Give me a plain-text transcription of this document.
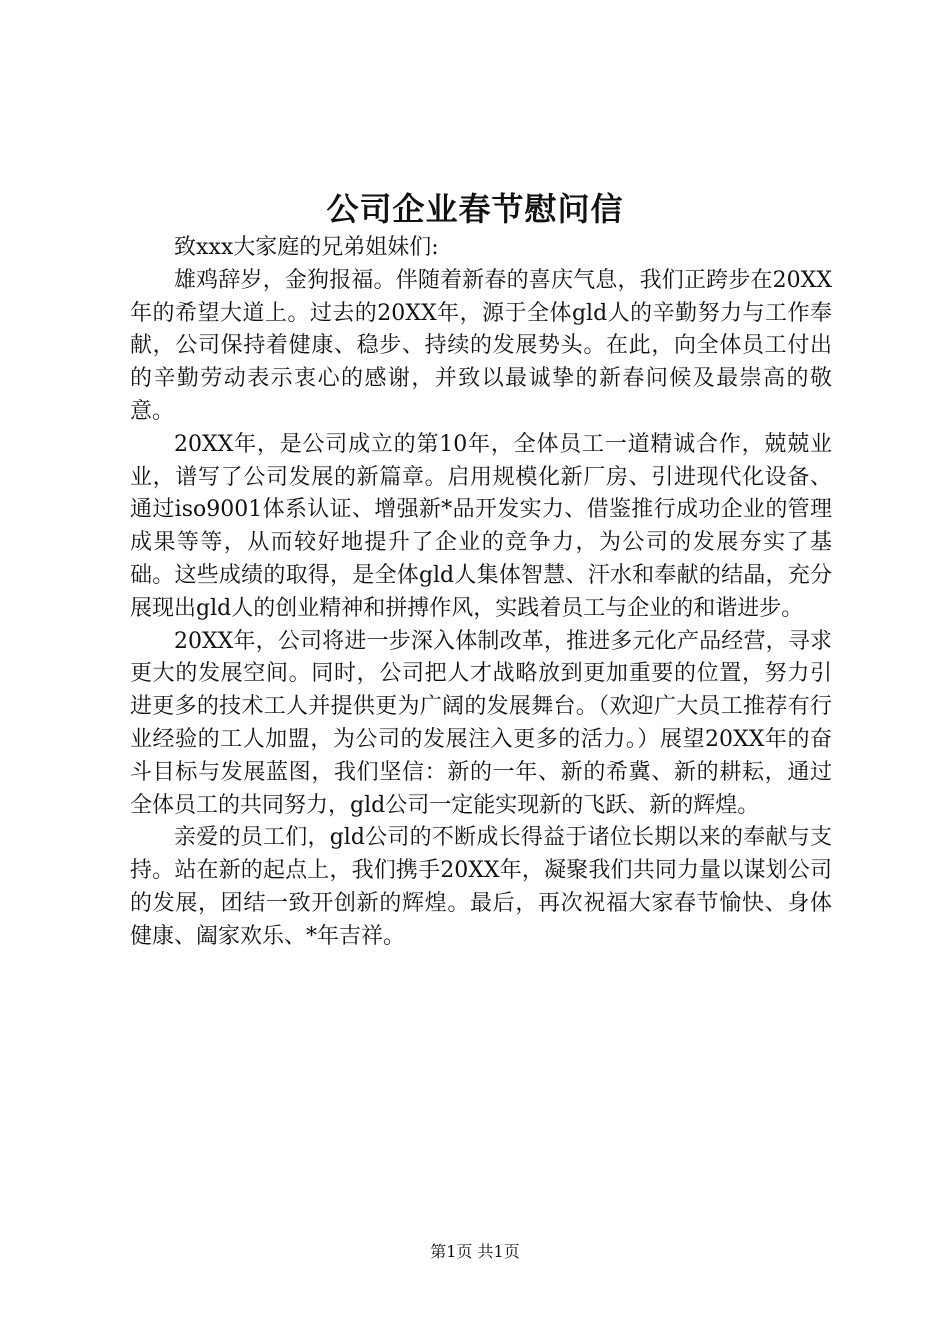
公司企业春节慰问信

致xxx大家庭的兄弟姐妹们:

雄鸡辞岁，金狗报福。伴随着新春的喜庆气息，我们正跨步在20XX年的希望大道上。过去的20XX年，源于全体gld人的辛勤努力与工作奉献，公司保持着健康、稳步、持续的发展势头。在此，向全体员工付出的辛勤劳动表示衷心的感谢，并致以最诚挚的新春问候及最崇高的敬意。

20XX年，是公司成立的第10年，全体员工一道精诚合作，兢兢业业，谱写了公司发展的新篇章。启用规模化新厂房、引进现代化设备、通过iso9001体系认证、增强新*品开发实力、借鉴推行成功企业的管理成果等等，从而较好地提升了企业的竞争力，为公司的发展夯实了基础。这些成绩的取得，是全体gld人集体智慧、汗水和奉献的结晶，充分展现出gld人的创业精神和拼搏作风，实践着员工与企业的和谐进步。

20XX年，公司将进一步深入体制改革，推进多元化产品经营，寻求更大的发展空间。同时，公司把人才战略放到更加重要的位置，努力引进更多的技术工人并提供更为广阔的发展舞台。（欢迎广大员工推荐有行业经验的工人加盟，为公司的发展注入更多的活力。）展望20XX年的奋斗目标与发展蓝图，我们坚信：新的一年、新的希冀、新的耕耘，通过全体员工的共同努力，gld公司一定能实现新的飞跃、新的辉煌。

亲爱的员工们，gld公司的不断成长得益于诸位长期以来的奉献与支持。站在新的起点上，我们携手20XX年，凝聚我们共同力量以谋划公司的发展，团结一致开创新的辉煌。最后，再次祝福大家春节愉快、身体健康、阖家欢乐、*年吉祥。

第1页 共1页
